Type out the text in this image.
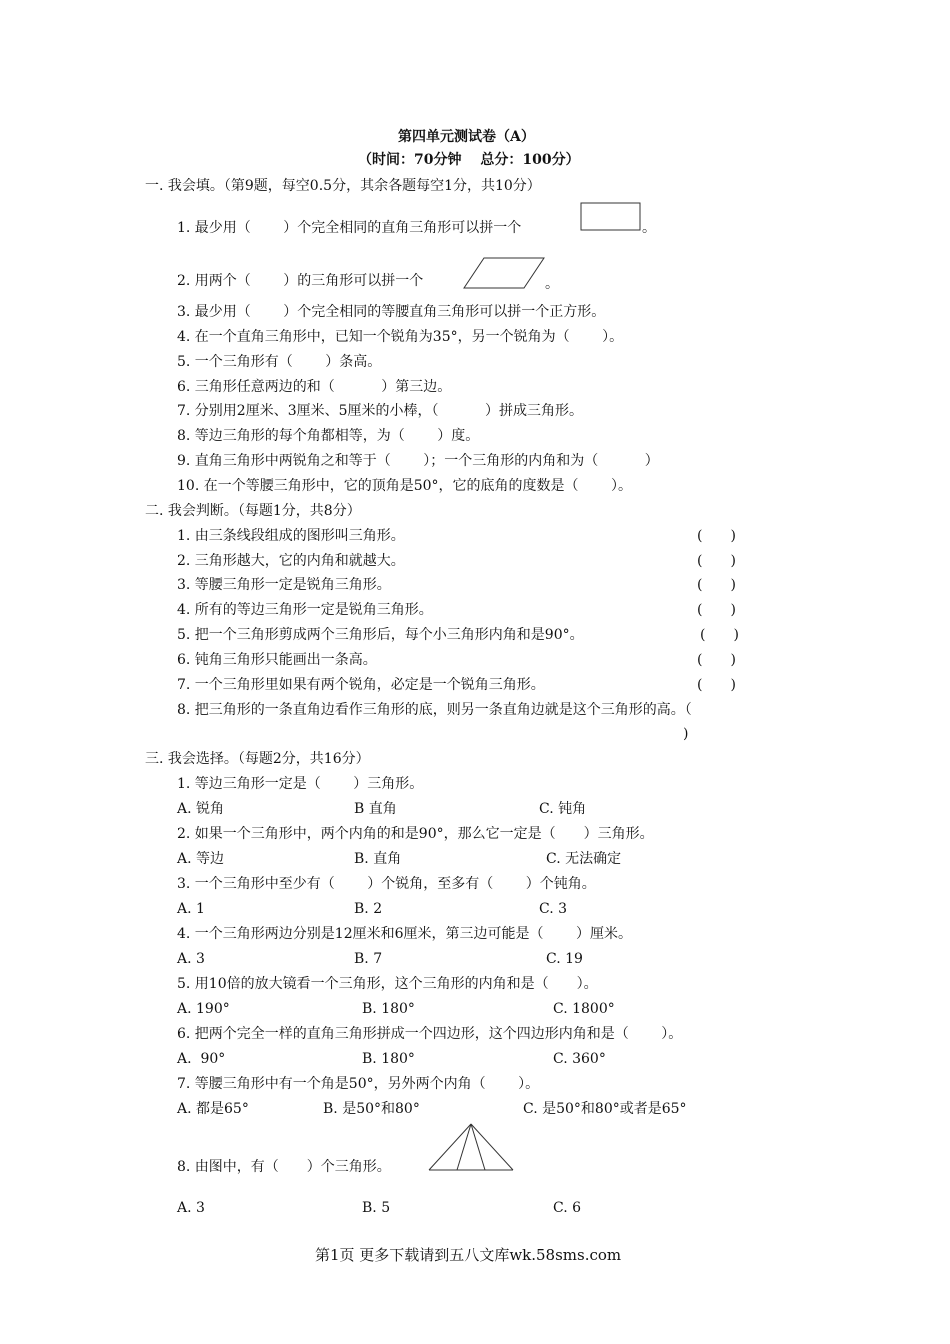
第四单元测试卷（A）
（时间：70分钟　 总分：100分）
一. 我会填。（第9题，每空0.5分，其余各题每空1分，共10分）
1. 最少用（　　 ）个完全相同的直角三角形可以拼一个	。
2. 用两个（　　 ）的三角形可以拼一个	。
3. 最少用（　　 ）个完全相同的等腰直角三角形可以拼一个正方形。
4. 在一个直角三角形中，已知一个锐角为35°，另一个锐角为（　　 ）。
5. 一个三角形有（　　 ）条高。
6. 三角形任意两边的和（　　　 ）第三边。
7. 分别用2厘米、3厘米、5厘米的小棒，（　　　 ）拼成三角形。
8. 等边三角形的每个角都相等，为（　　 ）度。
9. 直角三角形中两锐角之和等于（　　 ）；一个三角形的内角和为（　　　 ）
10. 在一个等腰三角形中，它的顶角是50°，它的底角的度数是（　　 ）。
二. 我会判断。（每题1分，共8分）
1. 由三条线段组成的图形叫三角形。	(　　)
2. 三角形越大，它的内角和就越大。	(　　)
3. 等腰三角形一定是锐角三角形。	(　　)
4. 所有的等边三角形一定是锐角三角形。	(　　)
5. 把一个三角形剪成两个三角形后，每个小三角形内角和是90°。	(　　)
6. 钝角三角形只能画出一条高。	(　　)
7. 一个三角形里如果有两个锐角，必定是一个锐角三角形。	(　　)
8. 把三角形的一条直角边看作三角形的底，则另一条直角边就是这个三角形的高。（
)
三. 我会选择。（每题2分，共16分）
1. 等边三角形一定是（　　 ）三角形。
A. 锐角	B 直角	C. 钝角
2. 如果一个三角形中，两个内角的和是90°，那么它一定是（　　）三角形。
A. 等边	B. 直角	C. 无法确定
3. 一个三角形中至少有（　　 ）个锐角，至多有（　　 ）个钝角。
A. 1	B. 2	C. 3
4. 一个三角形两边分别是12厘米和6厘米，第三边可能是（　　 ）厘米。
A. 3	B. 7	C. 19
5. 用10倍的放大镜看一个三角形，这个三角形的内角和是（　　）。
A. 190°	B. 180°	C. 1800°
6. 把两个完全一样的直角三角形拼成一个四边形，这个四边形内角和是（　　 ）。
A.  90°	B. 180°	C. 360°
7. 等腰三角形中有一个角是50°，另外两个内角（　　 ）。
A. 都是65°	B. 是50°和80°	C. 是50°和80°或者是65°
8. 由图中，有（　　）个三角形。
A. 3	B. 5	C. 6
第1页 更多下载请到五八文库wk.58sms.com
